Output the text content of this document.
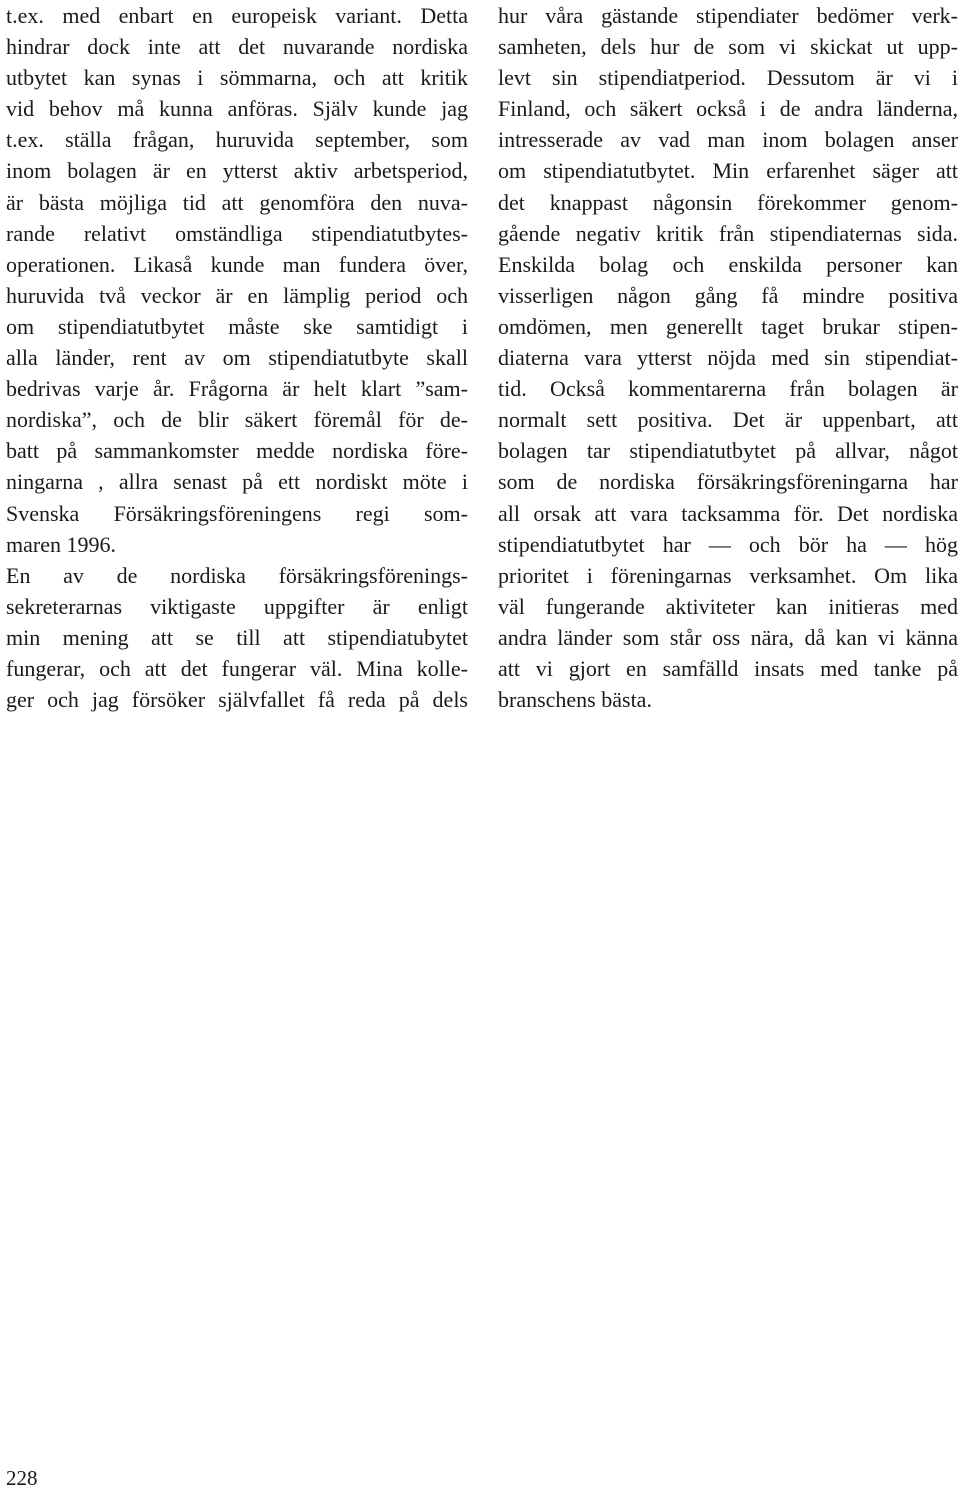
t.ex. med enbart en europeisk variant. Detta
hindrar dock inte att det nuvarande nordiska
utbytet kan synas i sömmarna, och att kritik
vid behov må kunna anföras. Själv kunde jag
t.ex. ställa frågan, huruvida september, som
inom bolagen är en ytterst aktiv arbetsperiod,
är bästa möjliga tid att genomföra den nuva-
rande relativt omständliga stipendiatutbytes-
operationen. Likaså kunde man fundera över,
huruvida två veckor är en lämplig period och
om stipendiatutbytet måste ske samtidigt i
alla länder, rent av om stipendiatutbyte skall
bedrivas varje år. Frågorna är helt klart ”sam-
nordiska”, och de blir säkert föremål för de-
batt på sammankomster medde nordiska före-
ningarna , allra senast på ett nordiskt möte i
Svenska Försäkringsföreningens regi som-
maren 1996.
En av de nordiska försäkringsförenings-
sekreterarnas viktigaste uppgifter är enligt
min mening att se till att stipendiatubytet
fungerar, och att det fungerar väl. Mina kolle-
ger och jag försöker självfallet få reda på dels
hur våra gästande stipendiater bedömer verk-
samheten, dels hur de som vi skickat ut upp-
levt sin stipendiatperiod. Dessutom är vi i
Finland, och säkert också i de andra länderna,
intresserade av vad man inom bolagen anser
om stipendiatutbytet. Min erfarenhet säger att
det knappast någonsin förekommer genom-
gående negativ kritik från stipendiaternas sida.
Enskilda bolag och enskilda personer kan
visserligen någon gång få mindre positiva
omdömen, men generellt taget brukar stipen-
diaterna vara ytterst nöjda med sin stipendiat-
tid. Också kommentarerna från bolagen är
normalt sett positiva. Det är uppenbart, att
bolagen tar stipendiatutbytet på allvar, något
som de nordiska försäkringsföreningarna har
all orsak att vara tacksamma för. Det nordiska
stipendiatutbytet har — och bör ha — hög
prioritet i föreningarnas verksamhet. Om lika
väl fungerande aktiviteter kan initieras med
andra länder som står oss nära, då kan vi känna
att vi gjort en samfälld insats med tanke på
branschens bästa.
228
